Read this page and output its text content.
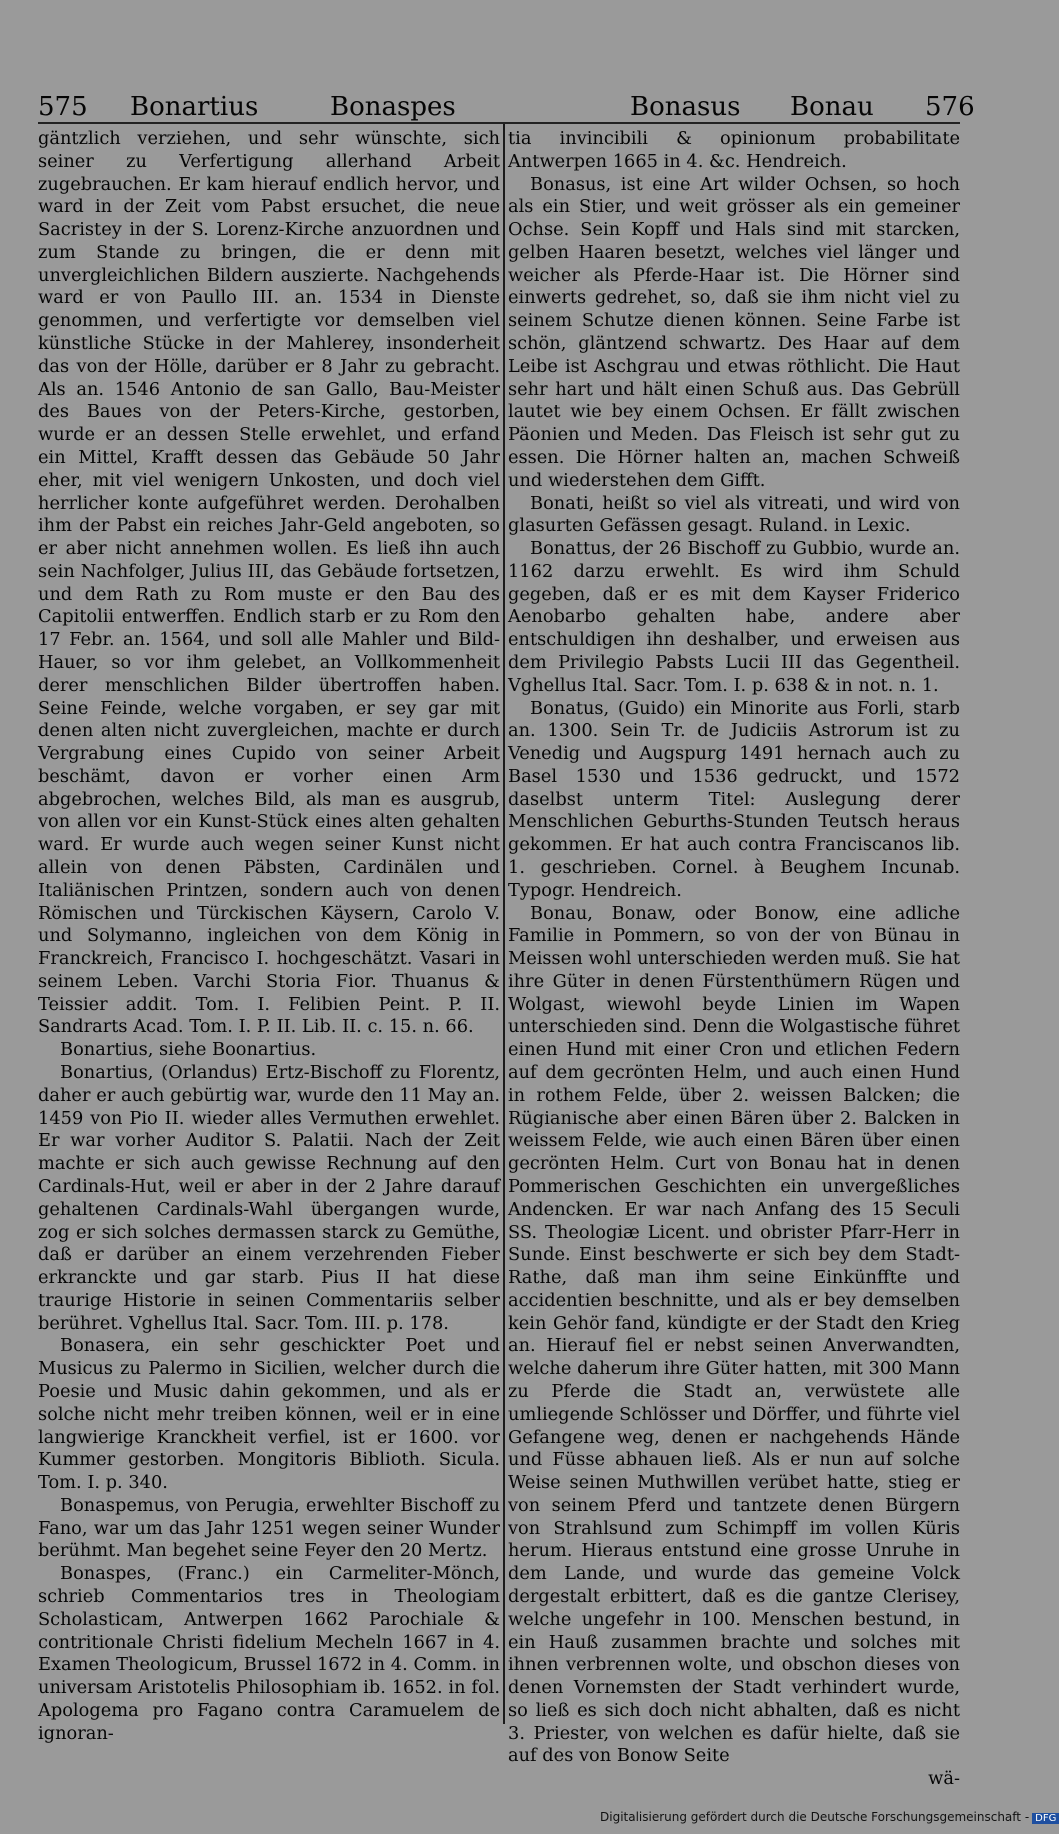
575 Bonartius	Bonaspes	Bonasus Bonau 576

gäntzlich verziehen, und sehr wünschte, sich seiner zu Verfertigung allerhand Arbeit zugebrauchen. Er kam hierauf endlich hervor, und ward in der Zeit vom Pabst ersuchet, die neue Sacristey in der S. Lorenz-Kirche anzuordnen und zum Stande zu bringen, die er denn mit unvergleichlichen Bildern auszierte. Nachgehends ward er von Paullo III. an. 1534 in Dienste genommen, und verfertigte vor demselben viel künstliche Stücke in der Mahlerey, insonderheit das von der Hölle, darüber er 8 Jahr zu gebracht. Als an. 1546 Antonio de san Gallo, Bau-Meister des Baues von der Peters-Kirche, gestorben, wurde er an dessen Stelle erwehlet, und erfand ein Mittel, Krafft dessen das Gebäude 50 Jahr eher, mit viel wenigern Unkosten, und doch viel herrlicher konte aufgeführet werden. Derohalben ihm der Pabst ein reiches Jahr-Geld angeboten, so er aber nicht annehmen wollen. Es ließ ihn auch sein Nachfolger, Julius III, das Gebäude fortsetzen, und dem Rath zu Rom muste er den Bau des Capitolii entwerffen. Endlich starb er zu Rom den 17 Febr. an. 1564, und soll alle Mahler und Bild-Hauer, so vor ihm gelebet, an Vollkommenheit derer menschlichen Bilder übertroffen haben. Seine Feinde, welche vorgaben, er sey gar mit denen alten nicht zuvergleichen, machte er durch Vergrabung eines Cupido von seiner Arbeit beschämt, davon er vorher einen Arm abgebrochen, welches Bild, als man es ausgrub, von allen vor ein Kunst-Stück eines alten gehalten ward. Er wurde auch wegen seiner Kunst nicht allein von denen Päbsten, Cardinälen und Italiänischen Printzen, sondern auch von denen Römischen und Türckischen Käysern, Carolo V. und Solymanno, ingleichen von dem König in Franckreich, Francisco I. hochgeschätzt. Vasari in seinem Leben. Varchi Storia Fior. Thuanus & Teissier addit. Tom. I. Felibien Peint. P. II. Sandrarts Acad. Tom. I. P. II. Lib. II. c. 15. n. 66.

Bonartius, siehe Boonartius.

Bonartius, (Orlandus) Ertz-Bischoff zu Florentz, daher er auch gebürtig war, wurde den 11 May an. 1459 von Pio II. wieder alles Vermuthen erwehlet. Er war vorher Auditor S. Palatii. Nach der Zeit machte er sich auch gewisse Rechnung auf den Cardinals-Hut, weil er aber in der 2 Jahre darauf gehaltenen Cardinals-Wahl übergangen wurde, zog er sich solches dermassen starck zu Gemüthe, daß er darüber an einem verzehrenden Fieber erkranckte und gar starb. Pius II hat diese traurige Historie in seinen Commentariis selber berühret. Vghellus Ital. Sacr. Tom. III. p. 178.

Bonasera, ein sehr geschickter Poet und Musicus zu Palermo in Sicilien, welcher durch die Poesie und Music dahin gekommen, und als er solche nicht mehr treiben können, weil er in eine langwierige Kranckheit verfiel, ist er 1600. vor Kummer gestorben. Mongitoris Biblioth. Sicula. Tom. I. p. 340.

Bonaspemus, von Perugia, erwehlter Bischoff zu Fano, war um das Jahr 1251 wegen seiner Wunder berühmt. Man begehet seine Feyer den 20 Mertz.

Bonaspes, (Franc.) ein Carmeliter-Mönch, schrieb Commentarios tres in Theologiam Scholasticam, Antwerpen 1662 Parochiale & contritionale Christi fidelium Mecheln 1667 in 4. Examen Theologicum, Brussel 1672 in 4. Comm. in universam Aristotelis Philosophiam ib. 1652. in fol. Apologema pro Fagano contra Caramuelem de ignoran-

tia invincibili & opinionum probabilitate Antwerpen 1665 in 4. &c. Hendreich.

Bonasus, ist eine Art wilder Ochsen, so hoch als ein Stier, und weit grösser als ein gemeiner Ochse. Sein Kopff und Hals sind mit starcken, gelben Haaren besetzt, welches viel länger und weicher als Pferde-Haar ist. Die Hörner sind einwerts gedrehet, so, daß sie ihm nicht viel zu seinem Schutze dienen können. Seine Farbe ist schön, gläntzend schwartz. Des Haar auf dem Leibe ist Aschgrau und etwas röthlicht. Die Haut sehr hart und hält einen Schuß aus. Das Gebrüll lautet wie bey einem Ochsen. Er fällt zwischen Päonien und Meden. Das Fleisch ist sehr gut zu essen. Die Hörner halten an, machen Schweiß und wiederstehen dem Gifft.

Bonati, heißt so viel als vitreati, und wird von glasurten Gefässen gesagt. Ruland. in Lexic.

Bonattus, der 26 Bischoff zu Gubbio, wurde an. 1162 darzu erwehlt. Es wird ihm Schuld gegeben, daß er es mit dem Kayser Friderico Aenobarbo gehalten habe, andere aber entschuldigen ihn deshalber, und erweisen aus dem Privilegio Pabsts Lucii III das Gegentheil. Vghellus Ital. Sacr. Tom. I. p. 638 & in not. n. 1.

Bonatus, (Guido) ein Minorite aus Forli, starb an. 1300. Sein Tr. de Judiciis Astrorum ist zu Venedig und Augspurg 1491 hernach auch zu Basel 1530 und 1536 gedruckt, und 1572 daselbst unterm Titel: Auslegung derer Menschlichen Geburths-Stunden Teutsch heraus gekommen. Er hat auch contra Franciscanos lib. 1. geschrieben. Cornel. à Beughem Incunab. Typogr. Hendreich.

Bonau, Bonaw, oder Bonow, eine adliche Familie in Pommern, so von der von Bünau in Meissen wohl unterschieden werden muß. Sie hat ihre Güter in denen Fürstenthümern Rügen und Wolgast, wiewohl beyde Linien im Wapen unterschieden sind. Denn die Wolgastische führet einen Hund mit einer Cron und etlichen Federn auf dem gecrönten Helm, und auch einen Hund in rothem Felde, über 2. weissen Balcken; die Rügianische aber einen Bären über 2. Balcken in weissem Felde, wie auch einen Bären über einen gecrönten Helm. Curt von Bonau hat in denen Pommerischen Geschichten ein unvergeßliches Andencken. Er war nach Anfang des 15 Seculi SS. Theologiæ Licent. und obrister Pfarr-Herr in Sunde. Einst beschwerte er sich bey dem Stadt-Rathe, daß man ihm seine Einkünffte und accidentien beschnitte, und als er bey demselben kein Gehör fand, kündigte er der Stadt den Krieg an. Hierauf fiel er nebst seinen Anverwandten, welche daherum ihre Güter hatten, mit 300 Mann zu Pferde die Stadt an, verwüstete alle umliegende Schlösser und Dörffer, und führte viel Gefangene weg, denen er nachgehends Hände und Füsse abhauen ließ. Als er nun auf solche Weise seinen Muthwillen verübet hatte, stieg er von seinem Pferd und tantzete denen Bürgern von Strahlsund zum Schimpff im vollen Küris herum. Hieraus entstund eine grosse Unruhe in dem Lande, und wurde das gemeine Volck dergestalt erbittert, daß es die gantze Clerisey, welche ungefehr in 100. Menschen bestund, in ein Hauß zusammen brachte und solches mit ihnen verbrennen wolte, und obschon dieses von denen Vornemsten der Stadt verhindert wurde, so ließ es sich doch nicht abhalten, daß es nicht 3. Priester, von welchen es dafür hielte, daß sie auf des von Bonow Seite

wä-
Digitalisierung gefördert durch die Deutsche Forschungsgemeinschaft - DFG
